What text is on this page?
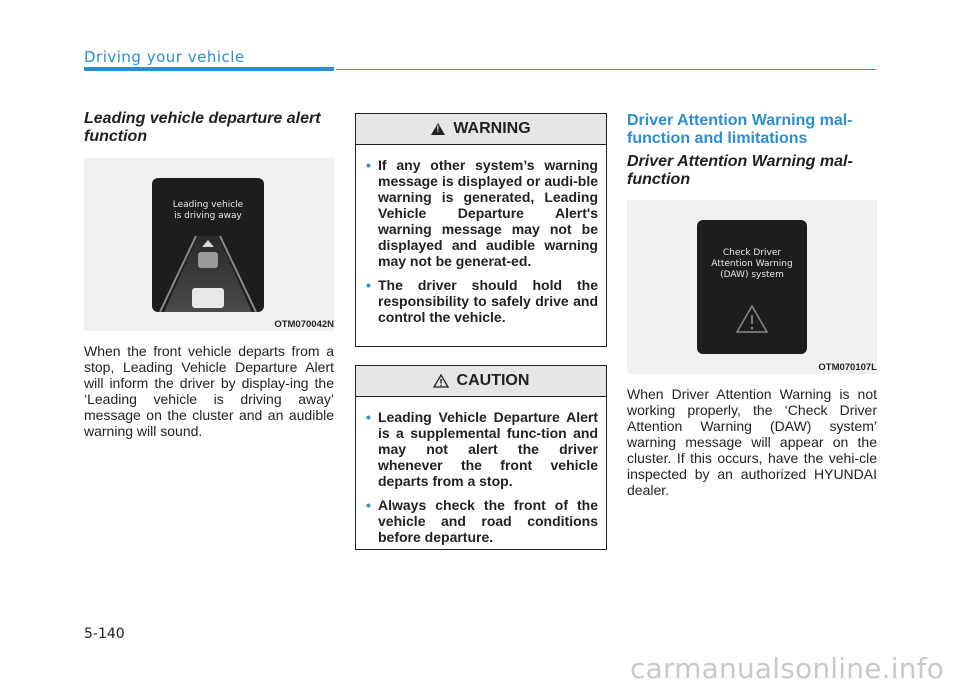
Driving your vehicle
Leading vehicle departure alert function
Leading vehicle is driving away
OTM070042N
When the front vehicle departs from a stop, Leading Vehicle Departure Alert will inform the driver by display-ing the ‘Leading vehicle is driving away’ message on the cluster and an audible warning will sound.
!
WARNING
• If any other system’s warning message is displayed or audi-ble warning is generated, Leading Vehicle Departure Alert's warning message may not be displayed and audible warning may not be generat-ed.
• The driver should hold the responsibility to safely drive and control the vehicle.
CAUTION
• Leading Vehicle Departure Alert is a supplemental func-tion and may not alert the driver whenever the front vehicle departs from a stop.
• Always check the front of the vehicle and road conditions before departure.
Driver Attention Warning mal-function and limitations
Driver Attention Warning mal-function
Check Driver Attention Warning (DAW) system
OTM070107L
When Driver Attention Warning is not working properly, the ‘Check Driver Attention Warning (DAW) system’ warning message will appear on the cluster. If this occurs, have the vehi-cle inspected by an authorized HYUNDAI dealer.
5-140
carmanualsonline.info
